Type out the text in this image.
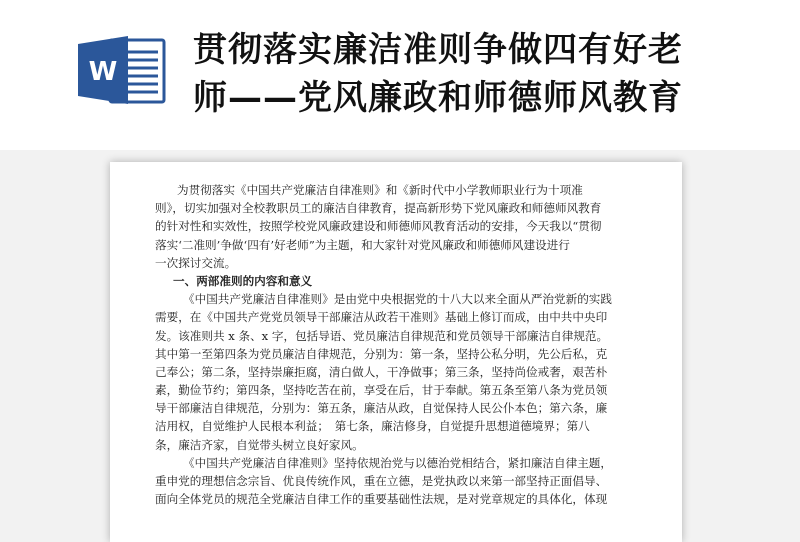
W
贯彻落实廉洁准则争做四有好老
师——党风廉政和师德师风教育

为贯彻落实《中国共产党廉洁自律准则》和《新时代中小学教师职业行为十项准

则》，切实加强对全校教职员工的廉洁自律教育，提高新形势下党风廉政和师德师风教育

的针对性和实效性，按照学校党风廉政建设和师德师风教育活动的安排，今天我以“贯彻

落实‘二准则’争做‘四有’好老师”为主题，和大家针对党风廉政和师德师风建设进行

一次探讨交流。

一、两部准则的内容和意义

《中国共产党廉洁自律准则》是由党中央根据党的十八大以来全面从严治党新的实践

需要，在《中国共产党党员领导干部廉洁从政若干准则》基础上修订而成，由中共中央印

发。该准则共 x 条、x 字，包括导语、党员廉洁自律规范和党员领导干部廉洁自律规范。

其中第一至第四条为党员廉洁自律规范，分别为：第一条，坚持公私分明，先公后私，克

己奉公；第二条，坚持崇廉拒腐，清白做人，干净做事；第三条，坚持尚俭戒奢，艰苦朴

素，勤俭节约；第四条，坚持吃苦在前，享受在后，甘于奉献。第五条至第八条为党员领

导干部廉洁自律规范，分别为：第五条，廉洁从政，自觉保持人民公仆本色；第六条，廉

洁用权，自觉维护人民根本利益；　第七条，廉洁修身，自觉提升思想道德境界；第八

条，廉洁齐家，自觉带头树立良好家风。

《中国共产党廉洁自律准则》坚持依规治党与以德治党相结合，紧扣廉洁自律主题，

重申党的理想信念宗旨、优良传统作风，重在立德，是党执政以来第一部坚持正面倡导、

面向全体党员的规范全党廉洁自律工作的重要基础性法规，是对党章规定的具体化，体现
